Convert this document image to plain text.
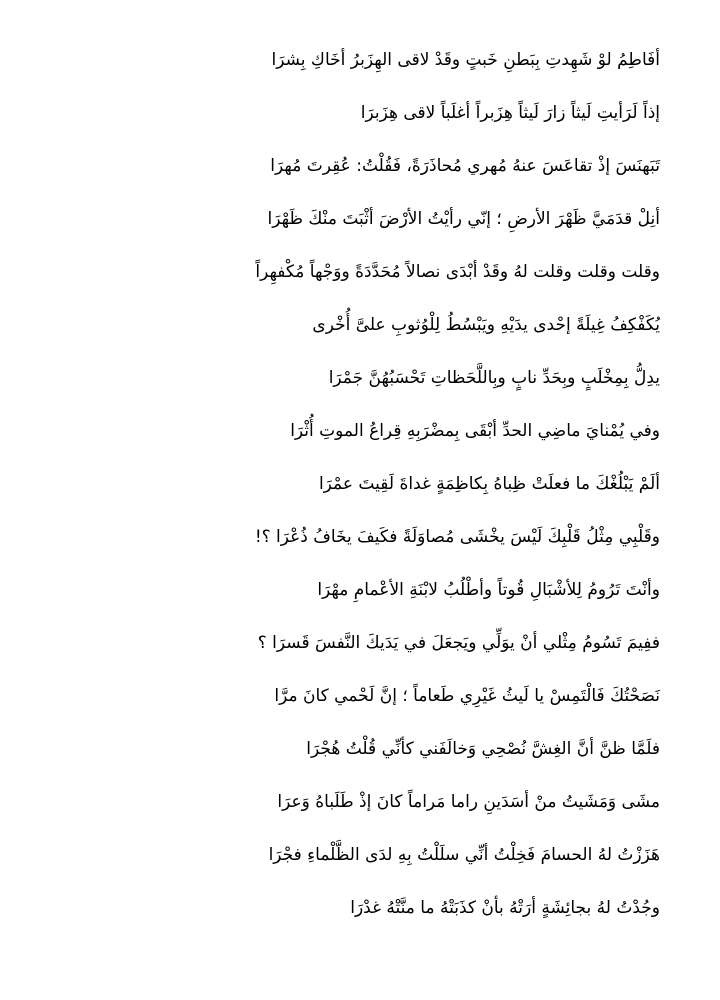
أفَاطِمُ لوْ شَهِدتِ بِبَطنِ خَبتٍ وقَدْ لاقى الهِزَبرُ أخَاكِ بِشرَا
إذاً لَرَأيتِ لَيثاً زارَ لَيثاً هِزَبراً أغلَباً لاقى هِزَبرَا
تَبَهنَسَ إذْ تقاعَسَ عنهُ مُهري مُحاذَرَةً، فَقُلْتُ: عُقِرتَ مُهرَا
أنِلْ قدَمَيَّ ظَهْرَ الأرضِ ؛ إنّي رأيْتُ الأرْضَ أثْبَتَ منْكَ ظَهْرَا
وقلت وقلت وقلت لهُ وقَدْ أبْدَى نصالاً مُحَدَّدَةً ووَجْهاً مُكْفهِراً
يُكَفْكِفُ غِيلَةً إحْدى يدَيْهِ ويَبْسُطُ لِلْوُثوبِ علىَّ أُخْرى
يدِلُّ بِمِخْلَبٍ وبِحَدِّ نابٍ وبِاللَّحَظاتِ تَحْسَبُهُنَّ جَمْرَا
وفي يُمْنايَ ماضِي الحدِّ أبْقَى بِمضْرَبِهِ قِراعُ الموتِ أُثْرَا
ألَمْ يَبْلُغْكَ ما فعلَتْ ظِباهُ بِكاظِمَةٍ غداةَ لَقِيتَ عمْرَا
وقَلْبِي مِثْلُ قَلْبِكَ لَيْسَ يخْشَى مُصاوَلَةً فكَيفَ يخَافُ ذُعْرَا ؟!
وأنْتَ تَرُومُ لِلأشْبَالِ قُوتاً وأطْلُبُ لابْنَةِ الأعْمامِ مهْرَا
ففِيمَ تَسُومُ مِثْلي أنْ يوَلِّي ويَجعَلَ في يَدَيكَ النَّفسَ قَسرَا ؟
نَصَحْتُكَ فَالْتَمِسْ يا لَيثُ غَيْرِي طَعاماً ؛ إنَّ لَحْمي كانَ مرَّا
فلَمَّا ظنَّ أنَّ الغِشَّ نُصْحِي وَخالَفَني كأنِّي قُلْتُ هُجْرَا
مشَى وَمَشَيتُ منْ أسَدَينِ راما مَراماً كانَ إذْ طَلَباهُ وَعرَا
هَزَزْتُ لهُ الحسامَ فَخِلْتُ أنِّي سلَلْتُ بِهِ لدَى الظَّلْماءِ فجْرَا
وجُدْتُ لهُ بجائِشَةٍ أرَتْهُ بأنْ كذَبَتْهُ ما منَّتْهُ غدْرَا
